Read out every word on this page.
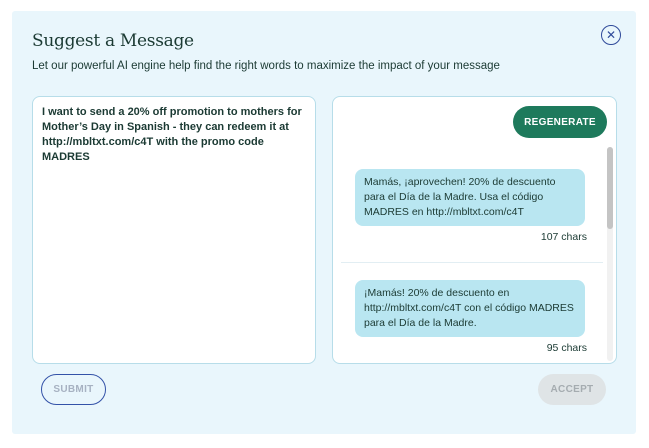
Suggest a Message
Let our powerful AI engine help find the right words to maximize the impact of your message
✕
I want to send a 20% off promotion to mothers for Mother’s Day in Spanish - they can redeem it at http://mbltxt.com/c4T with the promo code MADRES
REGENERATE
Mamás, ¡aprovechen! 20% de descuento para el Día de la Madre. Usa el código MADRES en http://mbltxt.com/c4T
107 chars
¡Mamás! 20% de descuento en http://mbltxt.com/c4T con el código MADRES para el Día de la Madre.
95 chars
SUBMIT	ACCEPT
